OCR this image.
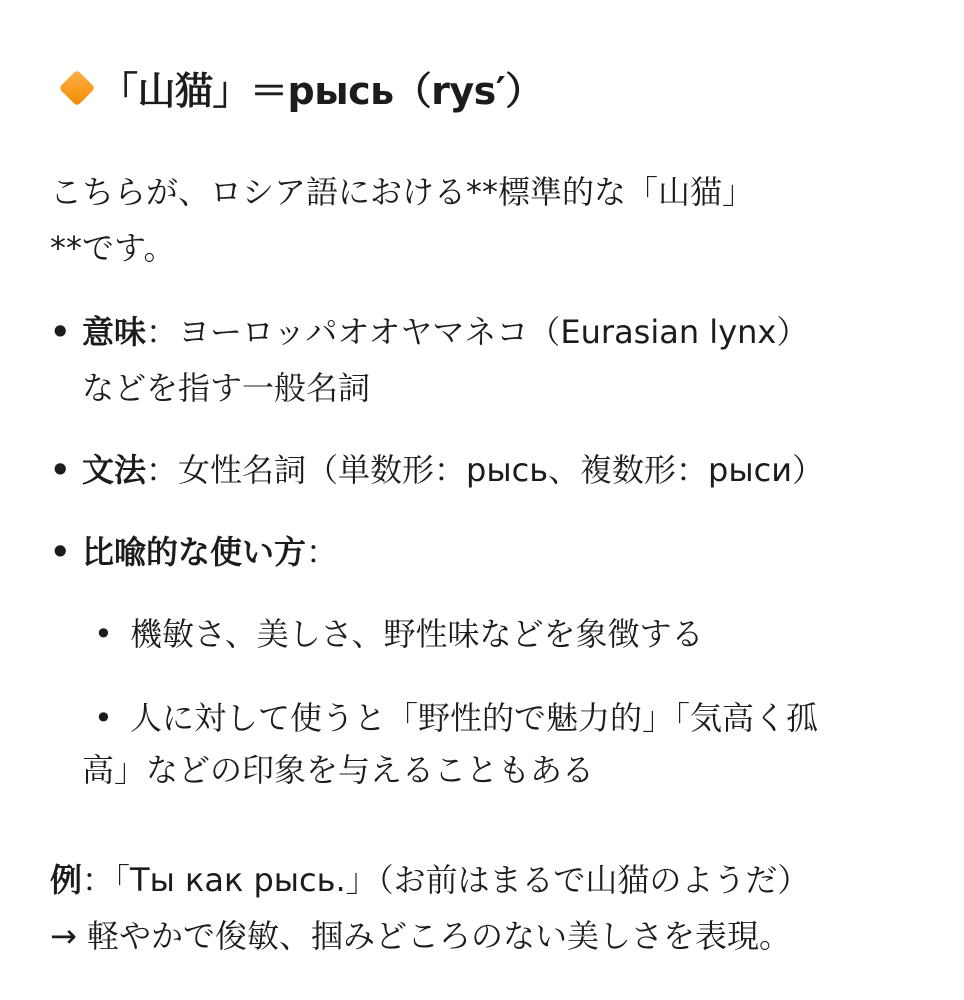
「山猫」＝рысь（rys′）
こちらが、ロシア語における**標準的な「山猫」
**です。
• 意味：ヨーロッパオオヤマネコ（Eurasian lynx）
などを指す一般名詞
• 文法：女性名詞（単数形：рысь、複数形：рыси）
• 比喩的な使い方：
• 機敏さ、美しさ、野性味などを象徴する
• 人に対して使うと「野性的で魅力的」「気高く孤
高」などの印象を与えることもある
例：「Ты как рысь.」（お前はまるで山猫のようだ）
→ 軽やかで俊敏、掴みどころのない美しさを表現。
